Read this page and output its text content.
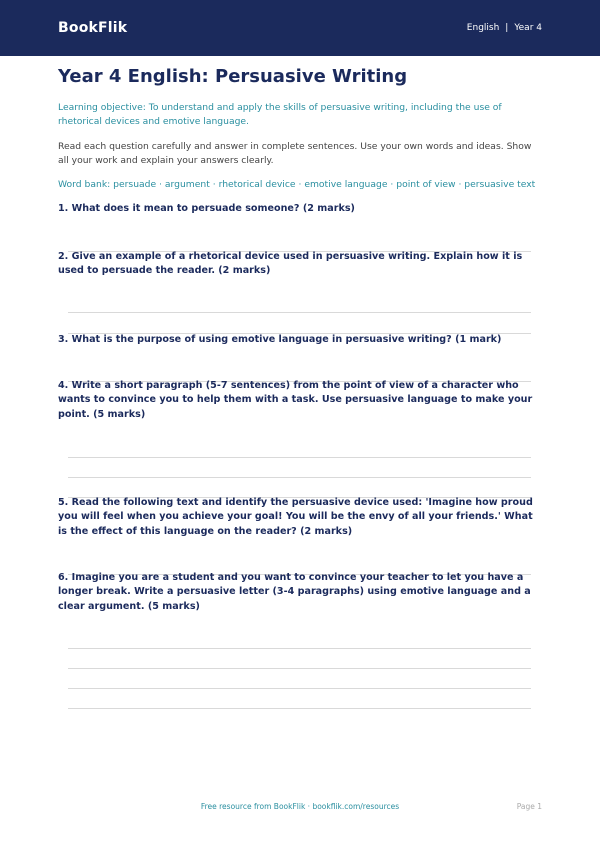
BookFlik	English | Year 4
Year 4 English: Persuasive Writing

Learning objective: To understand and apply the skills of persuasive writing, including the use of rhetorical devices and emotive language.

Read each question carefully and answer in complete sentences. Use your own words and ideas. Show all your work and explain your answers clearly.

Word bank: persuade · argument · rhetorical device · emotive language · point of view · persuasive text

1. What does it mean to persuade someone? (2 marks)

2. Give an example of a rhetorical device used in persuasive writing. Explain how it is used to persuade the reader. (2 marks)

3. What is the purpose of using emotive language in persuasive writing? (1 mark)

4. Write a short paragraph (5-7 sentences) from the point of view of a character who wants to convince you to help them with a task. Use persuasive language to make your point. (5 marks)

5. Read the following text and identify the persuasive device used: 'Imagine how proud you will feel when you achieve your goal! You will be the envy of all your friends.' What is the effect of this language on the reader? (2 marks)

6. Imagine you are a student and you want to convince your teacher to let you have a longer break. Write a persuasive letter (3-4 paragraphs) using emotive language and a clear argument. (5 marks)

Free resource from BookFlik · bookflik.com/resources	Page 1
